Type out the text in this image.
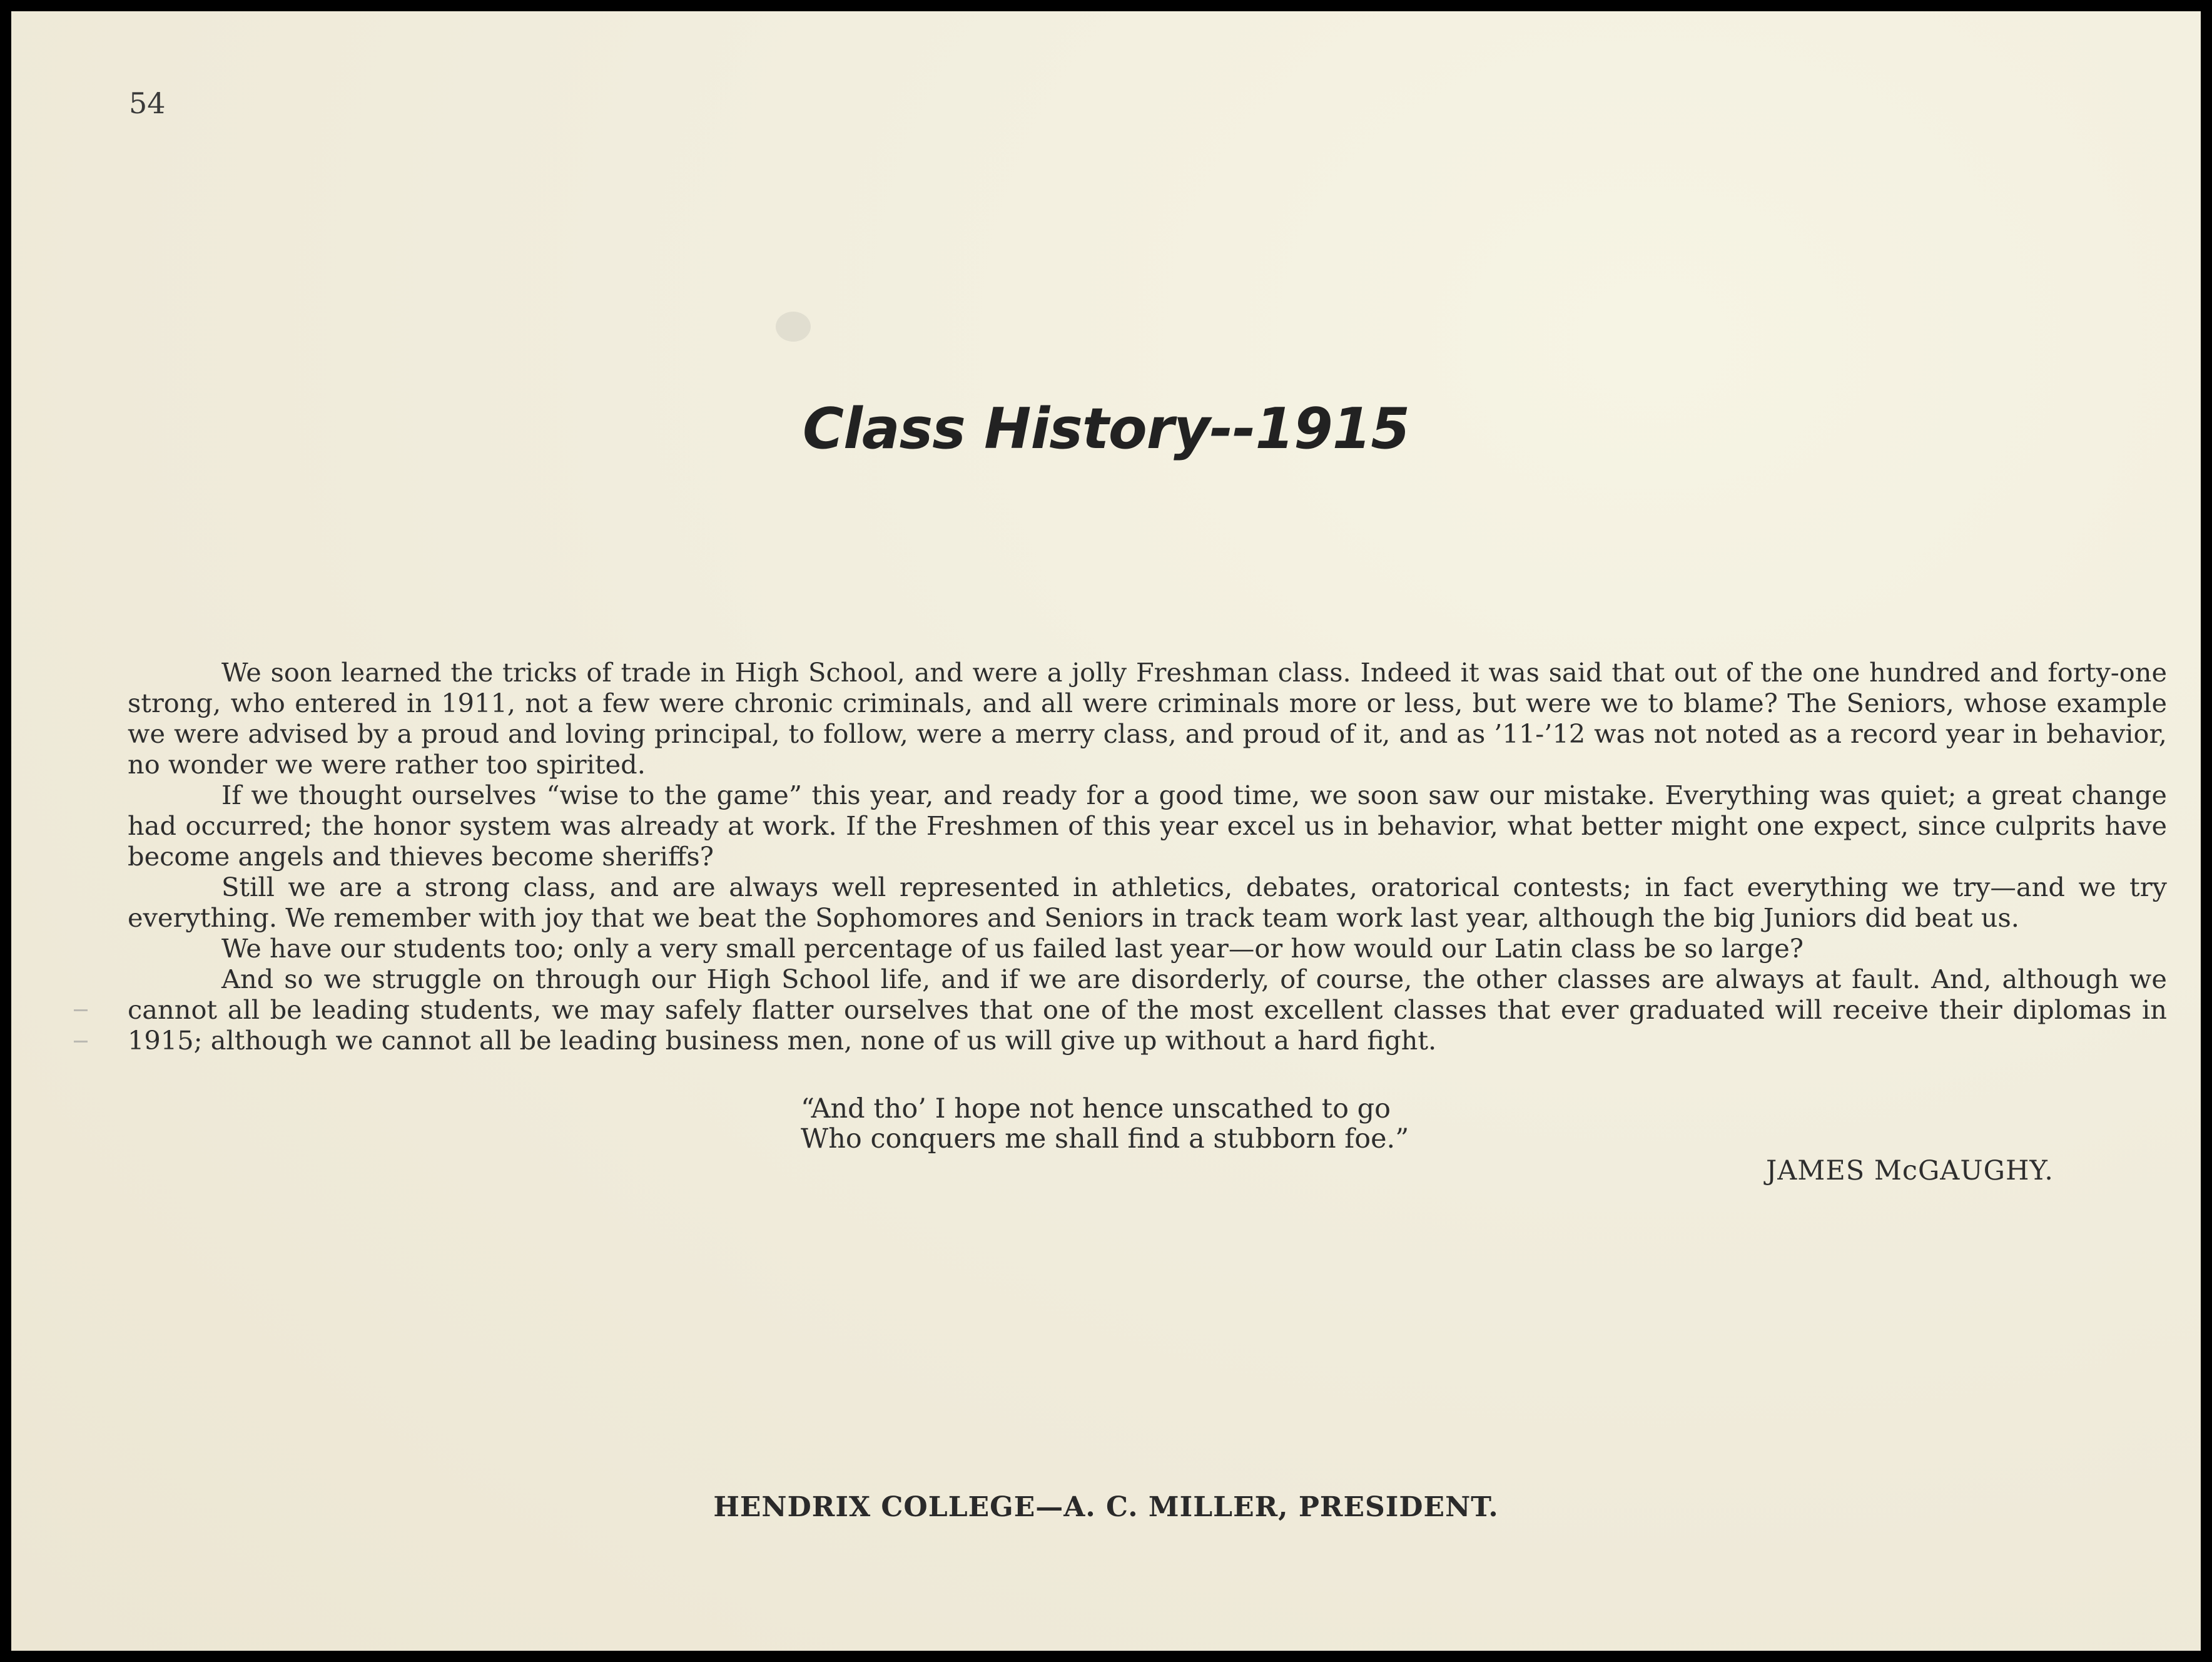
54
Class History--1915

We soon learned the tricks of trade in High School, and were a jolly Freshman class. Indeed it was said that out of the one hundred and forty-one strong, who entered in 1911, not a few were chronic criminals, and all were criminals more or less, but were we to blame? The Seniors, whose example we were advised by a proud and loving principal, to follow, were a merry class, and proud of it, and as ’11-’12 was not noted as a record year in behavior, no wonder we were rather too spirited.

If we thought ourselves “wise to the game” this year, and ready for a good time, we soon saw our mistake. Everything was quiet; a great change had occurred; the honor system was already at work. If the Freshmen of this year excel us in behavior, what better might one expect, since culprits have become angels and thieves become sheriffs?

Still we are a strong class, and are always well represented in athletics, debates, oratorical contests; in fact everything we try—and we try everything. We remember with joy that we beat the Sophomores and Seniors in track team work last year, although the big Juniors did beat us.

We have our students too; only a very small percentage of us failed last year—or how would our Latin class be so large?

And so we struggle on through our High School life, and if we are disorderly, of course, the other classes are always at fault. And, although we cannot all be leading students, we may safely flatter ourselves that one of the most excellent classes that ever graduated will receive their diplomas in 1915; although we cannot all be leading business men, none of us will give up without a hard fight.

“And tho’ I hope not hence unscathed to go
Who conquers me shall find a stubborn foe.”
JAMES McGAUGHY.
HENDRIX COLLEGE—A. C. MILLER, PRESIDENT.
